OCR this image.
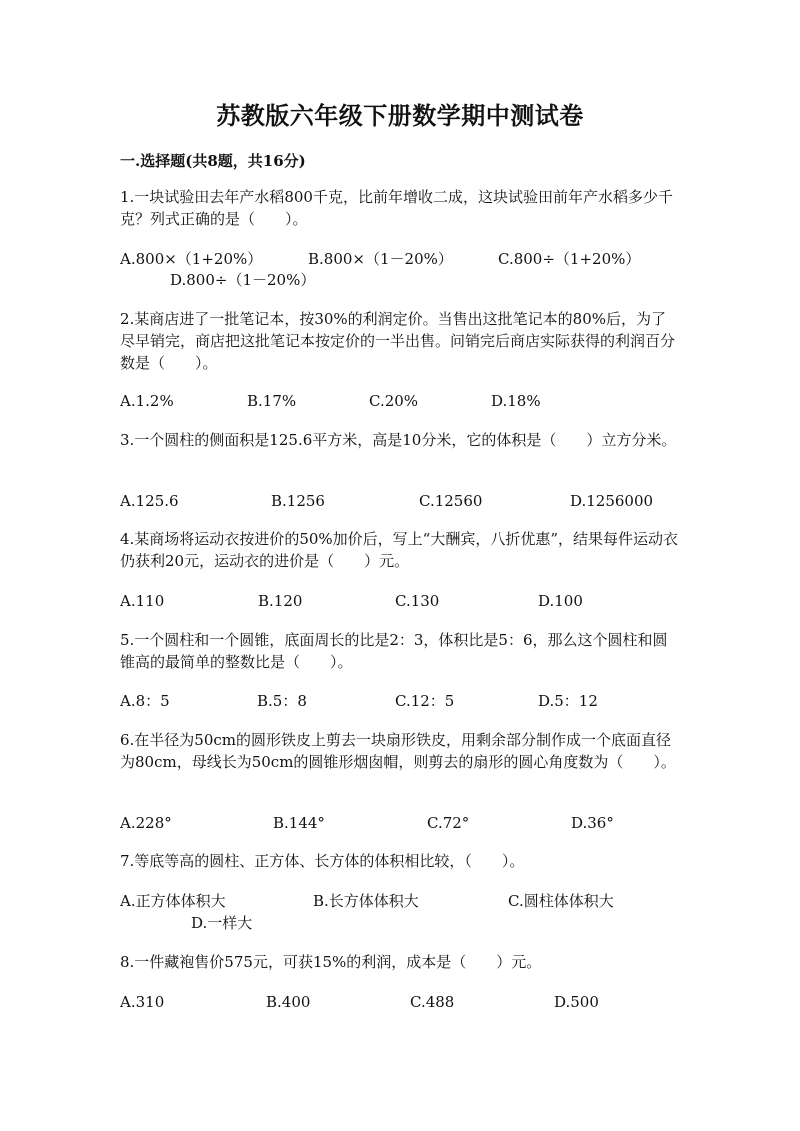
苏教版六年级下册数学期中测试卷
一.选择题(共8题，共16分)
1.一块试验田去年产水稻800千克，比前年增收二成，这块试验田前年产水稻多少千克？列式正确的是（　　）。
A.800×（1+20%）	B.800×（1－20%）	C.800÷（1+20%）
D.800÷（1－20%）
2.某商店进了一批笔记本，按30%的利润定价。当售出这批笔记本的80%后，为了尽早销完，商店把这批笔记本按定价的一半出售。问销完后商店实际获得的利润百分数是（　　）。
A.1.2%	B.17%	C.20%	D.18%
3.一个圆柱的侧面积是125.6平方米，高是10分米，它的体积是（　　）立方分米。
A.125.6	B.1256	C.12560	D.1256000
4.某商场将运动衣按进价的50%加价后，写上“大酬宾，八折优惠”，结果每件运动衣仍获利20元，运动衣的进价是（　　）元。
A.110	B.120	C.130	D.100
5.一个圆柱和一个圆锥，底面周长的比是2：3，体积比是5：6，那么这个圆柱和圆锥高的最简单的整数比是（　　）。
A.8：5	B.5：8	C.12：5	D.5：12
6.在半径为50cm的圆形铁皮上剪去一块扇形铁皮，用剩余部分制作成一个底面直径为80cm，母线长为50cm的圆锥形烟囱帽，则剪去的扇形的圆心角度数为（　　）。
A.228°	B.144°	C.72°	D.36°
7.等底等高的圆柱、正方体、长方体的体积相比较，（　　）。
A.正方体体积大	B.长方体体积大	C.圆柱体体积大
D.一样大
8.一件藏袍售价575元，可获15%的利润，成本是（　　）元。
A.310	B.400	C.488	D.500
